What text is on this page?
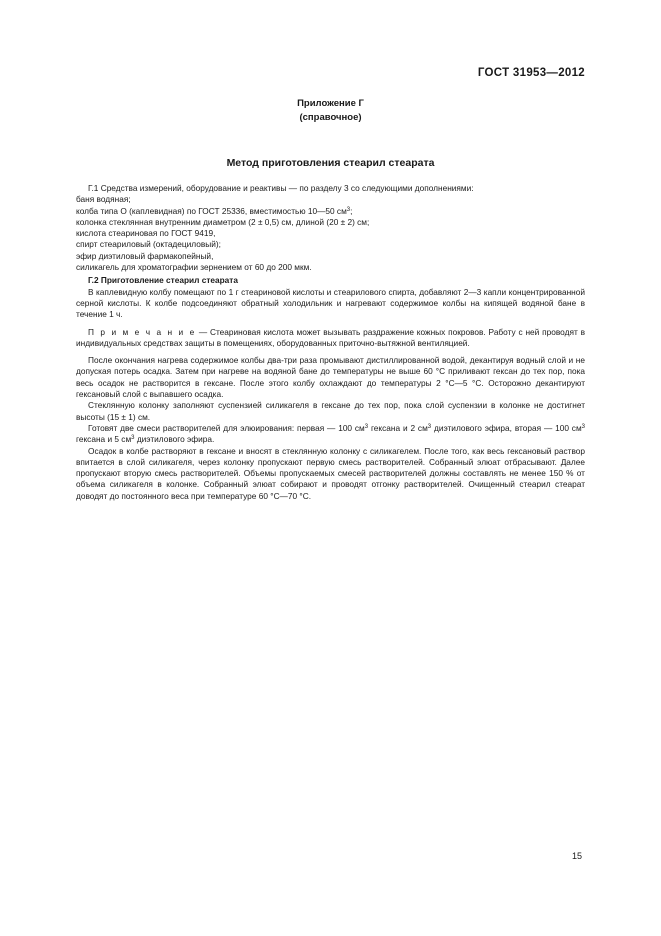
ГОСТ 31953—2012
Приложение Г
(справочное)
Метод приготовления стеарил стеарата

Г.1 Средства измерений, оборудование и реактивы — по разделу 3 со следующими дополнениями:

баня водяная;

колба типа О (каплевидная) по ГОСТ 25336, вместимостью 10—50 $см^3$;

колонка стеклянная внутренним диаметром (2 ± 0,5) см, длиной (20 ± 2) см;

кислота стеариновая по ГОСТ 9419,

спирт стеариловый (октадециловый);

эфир диэтиловый фармакопейный,

силикагель для хроматографии зернением от 60 до 200 мкм.

Г.2 Приготовление стеарил стеарата

В каплевидную колбу помещают по 1 г стеариновой кислоты и стеарилового спирта, добавляют 2—3 капли концентрированной серной кислоты. К колбе подсоединяют обратный холодильник и нагревают содержимое колбы на кипящей водяной бане в течение 1 ч.

П р и м е ч а н и е — Стеариновая кислота может вызывать раздражение кожных покровов. Работу с ней проводят в индивидуальных средствах защиты в помещениях, оборудованных приточно-вытяжной вентиляцией.

После окончания нагрева содержимое колбы два-три раза промывают дистиллированной водой, декантируя водный слой и не допуская потерь осадка. Затем при нагреве на водяной бане до температуры не выше 60 °С приливают гексан до тех пор, пока весь осадок не растворится в гексане. После этого колбу охлаждают до температуры 2 °С—5 °С. Осторожно декантируют гексановый слой с выпавшего осадка.

Стеклянную колонку заполняют суспензией силикагеля в гексане до тех пор, пока слой суспензии в колонке не достигнет высоты (15 ± 1) см.

Готовят две смеси растворителей для элюирования: первая — 100 $см^3$ гексана и 2 $см^3$ диэтилового эфира, вторая — 100 $см^3$ гексана и 5 $см^3$ диэтилового эфира.

Осадок в колбе растворяют в гексане и вносят в стеклянную колонку с силикагелем. После того, как весь гексановый раствор впитается в слой силикагеля, через колонку пропускают первую смесь растворителей. Собранный элюат отбрасывают. Далее пропускают вторую смесь растворителей. Объемы пропускаемых смесей растворителей должны составлять не менее 150 % от объема силикагеля в колонке. Собранный элюат собирают и проводят отгонку растворителей. Очищенный стеарил стеарат доводят до постоянного веса при температуре 60 °С—70 °С.

15
